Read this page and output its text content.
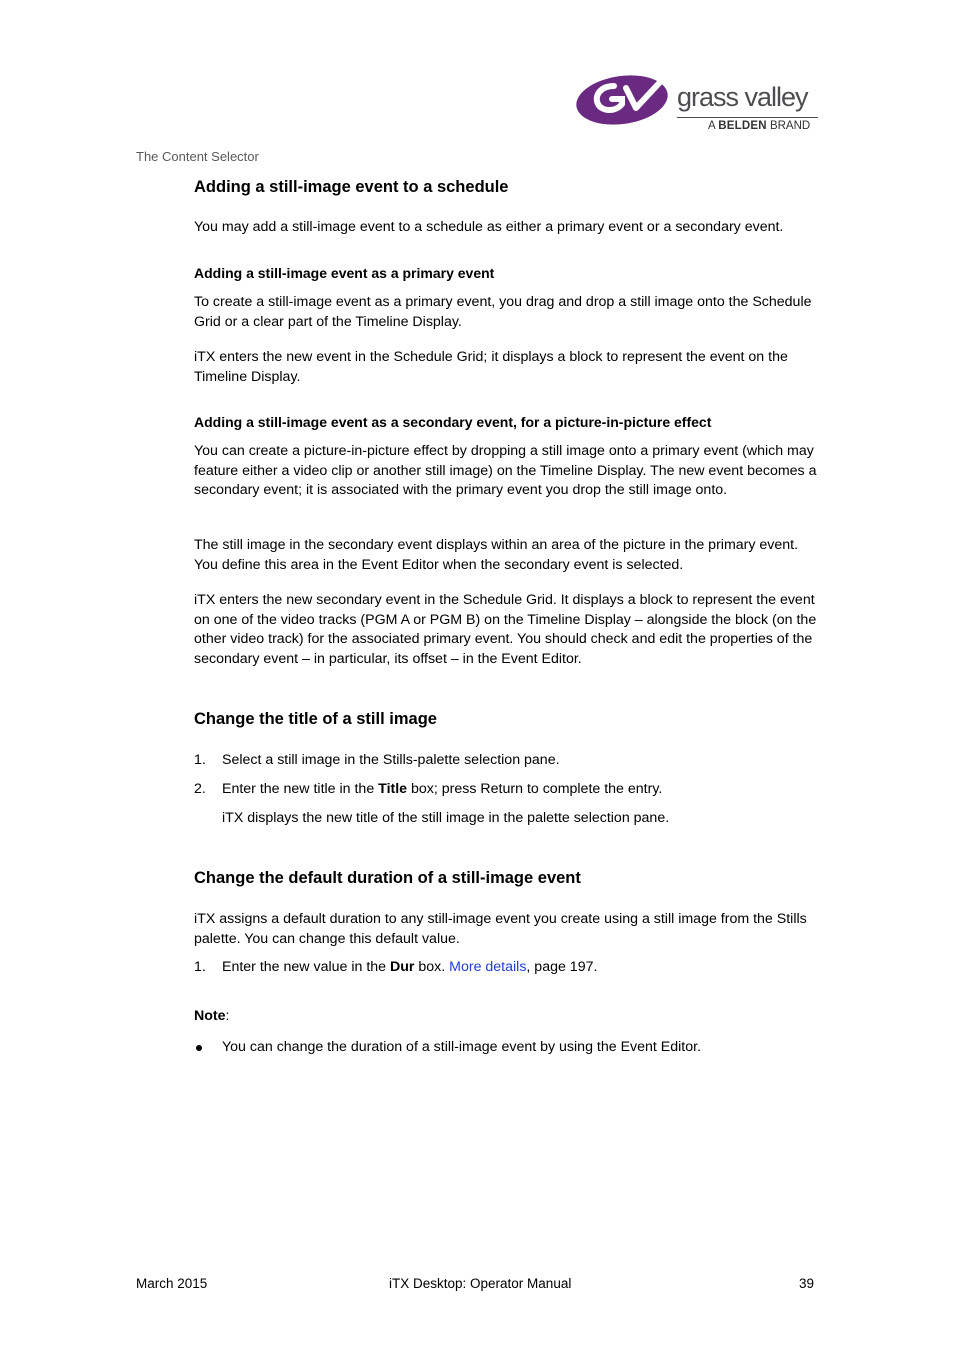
grass valley
A BELDEN BRAND
The Content Selector
Adding a still-image event to a schedule

You may add a still-image event to a schedule as either a primary event or a secondary event.

Adding a still-image event as a primary event

To create a still-image event as a primary event, you drag and drop a still image onto the Schedule Grid or a clear part of the Timeline Display.

iTX enters the new event in the Schedule Grid; it displays a block to represent the event on the Timeline Display.

Adding a still-image event as a secondary event, for a picture-in-picture effect

You can create a picture-in-picture effect by dropping a still image onto a primary event (which may feature either a video clip or another still image) on the Timeline Display. The new event becomes a secondary event; it is associated with the primary event you drop the still image onto.

The still image in the secondary event displays within an area of the picture in the primary event. You define this area in the Event Editor when the secondary event is selected.

iTX enters the new secondary event in the Schedule Grid. It displays a block to represent the event on one of the video tracks (PGM A or PGM B) on the Timeline Display – alongside the block (on the other video track) for the associated primary event. You should check and edit the properties of the secondary event – in particular, its offset – in the Event Editor.

Change the title of a still image
1. Select a still image in the Stills-palette selection pane.
2. Enter the new title in the Title box; press Return to complete the entry.
iTX displays the new title of the still image in the palette selection pane.
Change the default duration of a still-image event

iTX assigns a default duration to any still-image event you create using a still image from the Stills palette. You can change this default value.

1. Enter the new value in the Dur box. More details, page 197.
Note:
You can change the duration of a still-image event by using the Event Editor.
March 2015	iTX Desktop: Operator Manual	39
